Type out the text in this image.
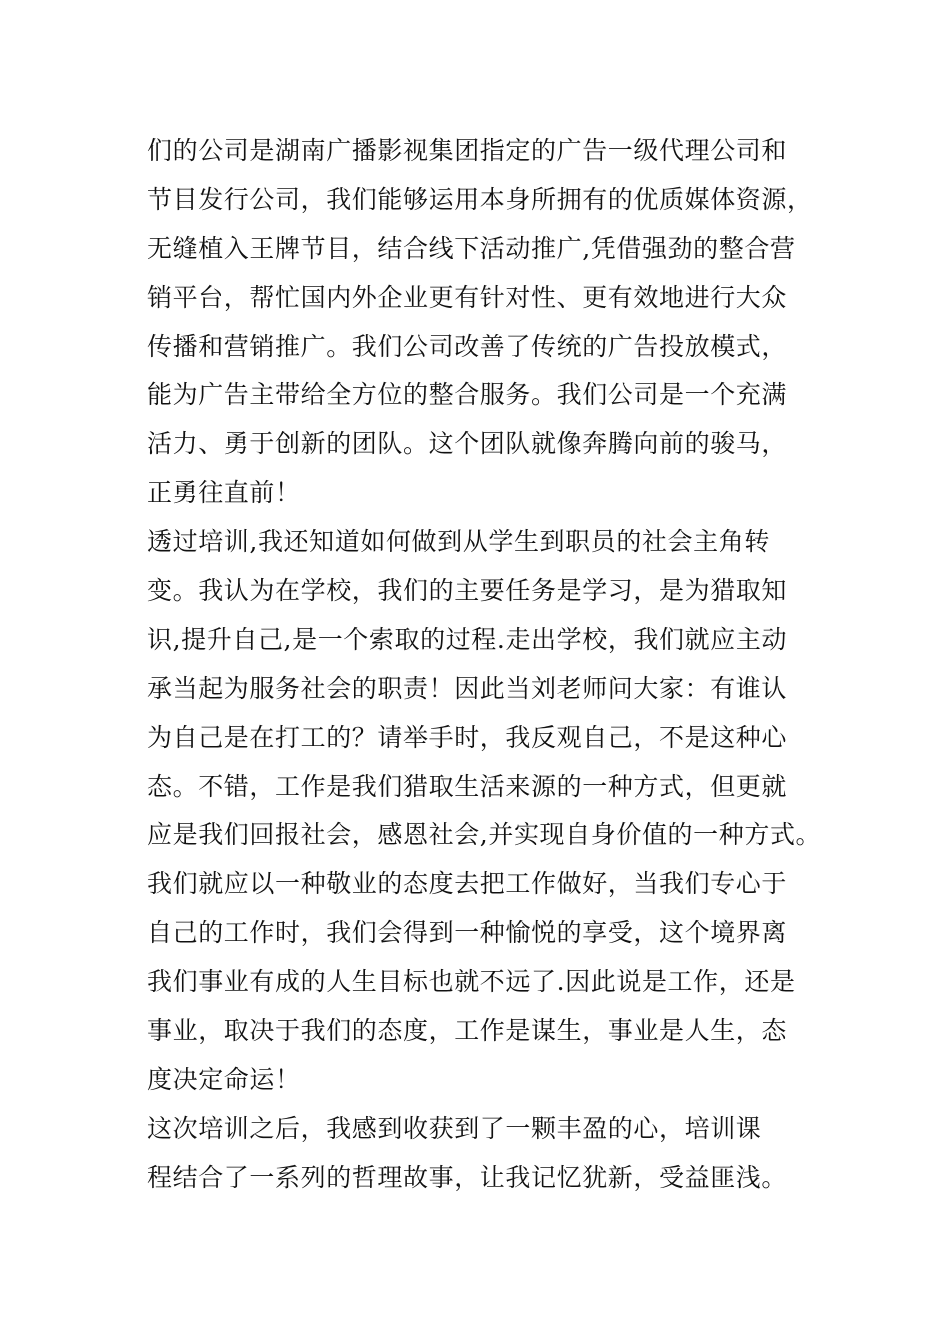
们的公司是湖南广播影视集团指定的广告一级代理公司和
节目发行公司，我们能够运用本身所拥有的优质媒体资源，
无缝植入王牌节目，结合线下活动推广,凭借强劲的整合营
销平台，帮忙国内外企业更有针对性、更有效地进行大众
传播和营销推广。我们公司改善了传统的广告投放模式，
能为广告主带给全方位的整合服务。我们公司是一个充满
活力、勇于创新的团队。这个团队就像奔腾向前的骏马，
正勇往直前！

透过培训,我还知道如何做到从学生到职员的社会主角转
变。我认为在学校，我们的主要任务是学习，是为猎取知
识,提升自己,是一个索取的过程.走出学校，我们就应主动
承当起为服务社会的职责！因此当刘老师问大家：有谁认
为自己是在打工的？请举手时，我反观自己，不是这种心
态。不错，工作是我们猎取生活来源的一种方式，但更就
应是我们回报社会，感恩社会,并实现自身价值的一种方式。
我们就应以一种敬业的态度去把工作做好，当我们专心于
自己的工作时，我们会得到一种愉悦的享受，这个境界离
我们事业有成的人生目标也就不远了.因此说是工作，还是
事业，取决于我们的态度，工作是谋生，事业是人生，态
度决定命运！

这次培训之后，我感到收获到了一颗丰盈的心，培训课
程结合了一系列的哲理故事，让我记忆犹新，受益匪浅。
